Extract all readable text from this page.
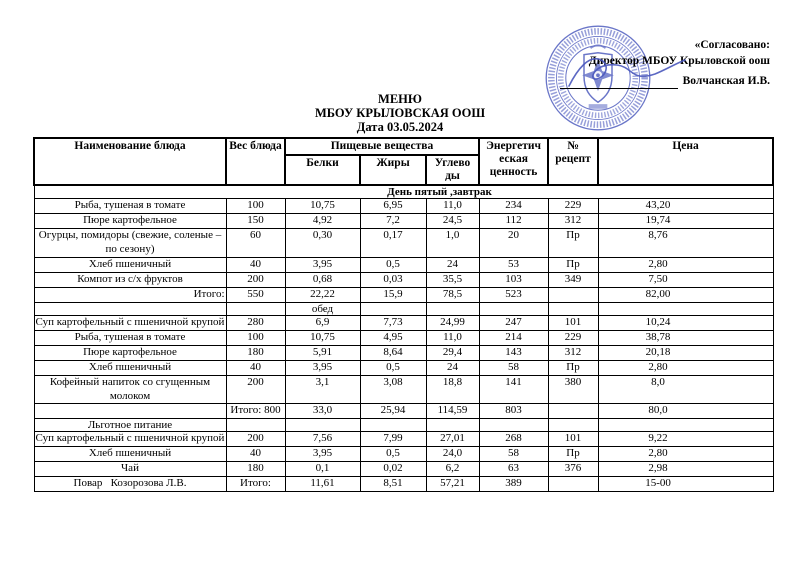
«Согласовано:
Директор МБОУ Крыловской оош
Волчанская И.В.
МЕНЮ
МБОУ КРЫЛОВСКАЯ ООШ
Дата 03.05.2024
Наименование блюда	Вес блюда	Пищевые вещества			Энергетич еская ценность	№ рецепт	Цена
		Белки	Жиры	Углево ды			
День пятый ,завтрак							
Рыба, тушеная в томате	100	10,75	6,95	11,0	234	229	43,20
Пюре картофельное	150	4,92	7,2	24,5	112	312	19,74
Огурцы, помидоры (свежие, соленые – по сезону)	60	0,30	0,17	1,0	20	Пр	8,76
Хлеб пшеничный	40	3,95	0,5	24	53	Пр	2,80
Компот из с/х фруктов	200	0,68	0,03	35,5	103	349	7,50
Итого:	550	22,22	15,9	78,5	523		82,00
		обед					
Суп картофельный с пшеничной крупой	280	6,9	7,73	24,99	247	101	10,24
Рыба, тушеная в томате	100	10,75	4,95	11,0	214	229	38,78
Пюре картофельное	180	5,91	8,64	29,4	143	312	20,18
Хлеб пшеничный	40	3,95	0,5	24	58	Пр	2,80
Кофейный напиток со сгущенным молоком	200	3,1	3,08	18,8	141	380	8,0
	Итого: 800	33,0	25,94	114,59	803		80,0
Льготное питание							
Суп картофельный с пшеничной крупой	200	7,56	7,99	27,01	268	101	9,22
Хлеб пшеничный	40	3,95	0,5	24,0	58	Пр	2,80
Чай	180	0,1	0,02	6,2	63	376	2,98
Повар   Козорозова Л.В.	Итого:	11,61	8,51	57,21	389		15-00
